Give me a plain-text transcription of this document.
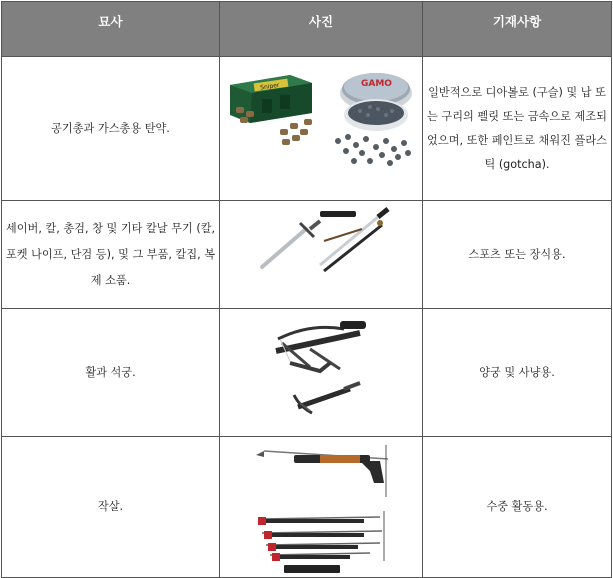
묘사	사진	기재사항
공기총과 가스총용 탄약.	Sniper GAMO	일반적으로 디아볼로 (구슬) 및 납 또는 구리의 펠릿 또는 금속으로 제조되었으며, 또한 페인트로 채워진 플라스틱 (gotcha).
세이버, 칼, 총검, 창 및 기타 칼날 무기 (칼, 포켓 나이프, 단검 등), 및 그 부품, 칼집, 복제 소품.		스포츠 또는 장식용.
활과 석궁.		양궁 및 사냥용.
작살.		수중 활동용.
